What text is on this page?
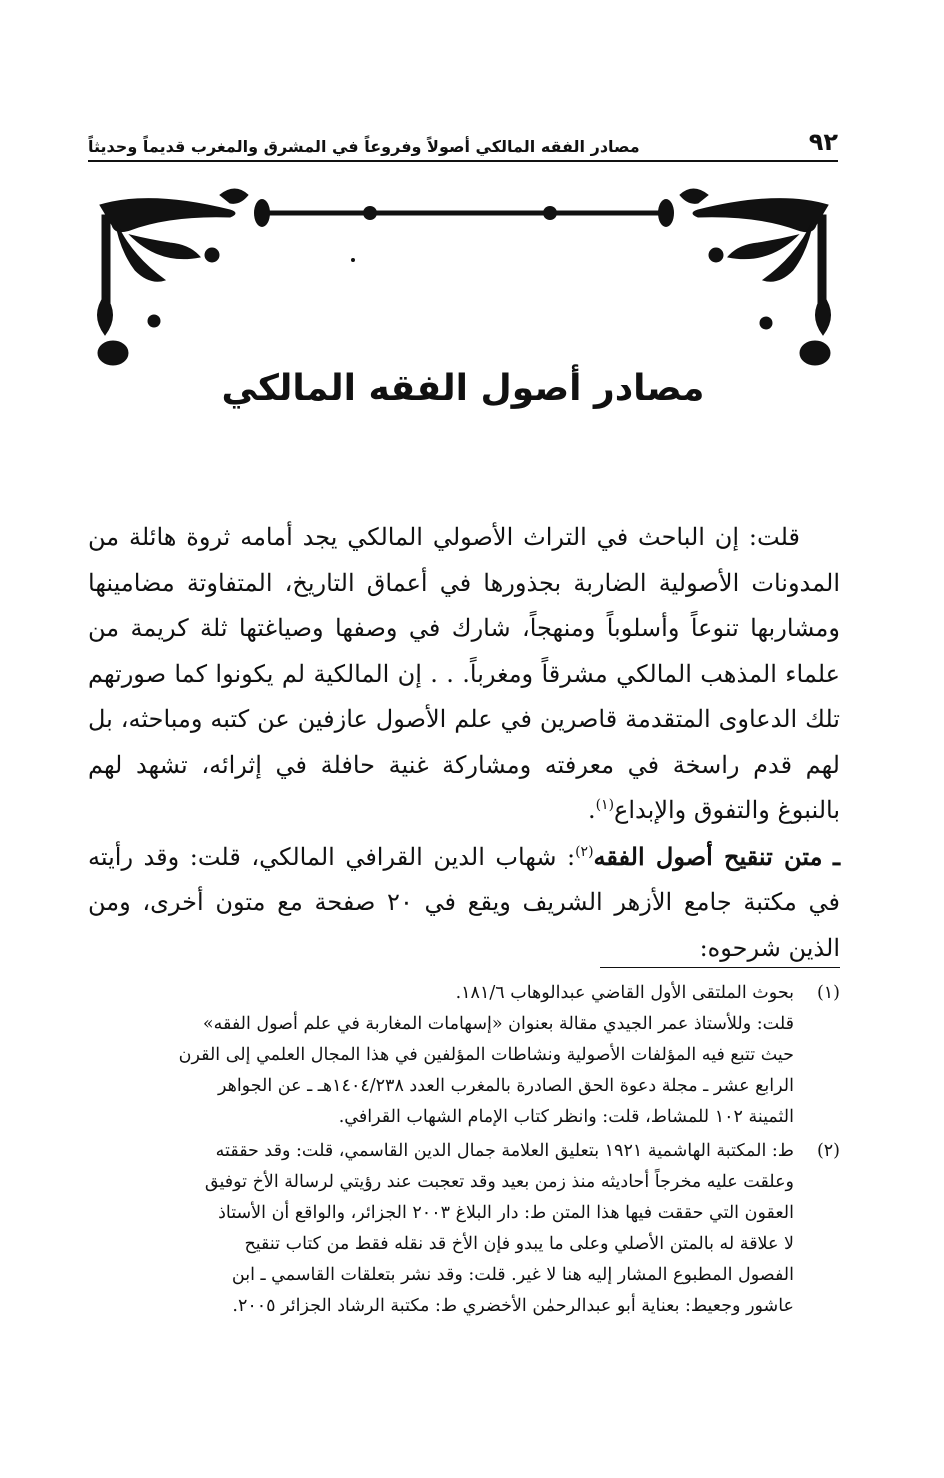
٩٢
مصادر الفقه المالكي أصولاً وفروعاً في المشرق والمغرب قديماً وحديثاً
مصادر أصول الفقه المالكي

قلت: إن الباحث في التراث الأصولي المالكي يجد أمامه ثروة هائلة من المدونات الأصولية الضاربة بجذورها في أعماق التاريخ، المتفاوتة مضامينها ومشاربها تنوعاً وأسلوباً ومنهجاً، شارك في وصفها وصياغتها ثلة كريمة من علماء المذهب المالكي مشرقاً ومغرباً. . . إن المالكية لم يكونوا كما صورتهم تلك الدعاوى المتقدمة قاصرين في علم الأصول عازفين عن كتبه ومباحثه، بل لهم قدم راسخة في معرفته ومشاركة غنية حافلة في إثرائه، تشهد لهم بالنبوغ والتفوق والإبداع$^{(١)}$.

ـ متن تنقيح أصول الفقه$^{(٢)}$: شهاب الدين القرافي المالكي، قلت: وقد رأيته في مكتبة جامع الأزهر الشريف ويقع في ٢٠ صفحة مع متون أخرى، ومن الذين شرحوه:

(١)
بحوث الملتقى الأول القاضي عبدالوهاب ١٨١/٦.
قلت: وللأستاذ عمر الجيدي مقالة بعنوان «إسهامات المغاربة في علم أصول الفقه»
حيث تتبع فيه المؤلفات الأصولية ونشاطات المؤلفين في هذا المجال العلمي إلى القرن
الرابع عشر ـ مجلة دعوة الحق الصادرة بالمغرب العدد ١٤٠٤/٢٣٨هـ ـ عن الجواهر
الثمينة ١٠٢ للمشاط، قلت: وانظر كتاب الإمام الشهاب القرافي.
(٢)
ط: المكتبة الهاشمية ١٩٢١ بتعليق العلامة جمال الدين القاسمي، قلت: وقد حققته
وعلقت عليه مخرجاً أحاديثه منذ زمن بعيد وقد تعجبت عند رؤيتي لرسالة الأخ توفيق
العقون التي حققت فيها هذا المتن ط: دار البلاغ ٢٠٠٣ الجزائر، والواقع أن الأستاذ
لا علاقة له بالمتن الأصلي وعلى ما يبدو فإن الأخ قد نقله فقط من كتاب تنقيح
الفصول المطبوع المشار إليه هنا لا غير. قلت: وقد نشر بتعلقات القاسمي ـ ابن
عاشور وجعيط: بعناية أبو عبدالرحمٰن الأخضري ط: مكتبة الرشاد الجزائر ٢٠٠٥.
